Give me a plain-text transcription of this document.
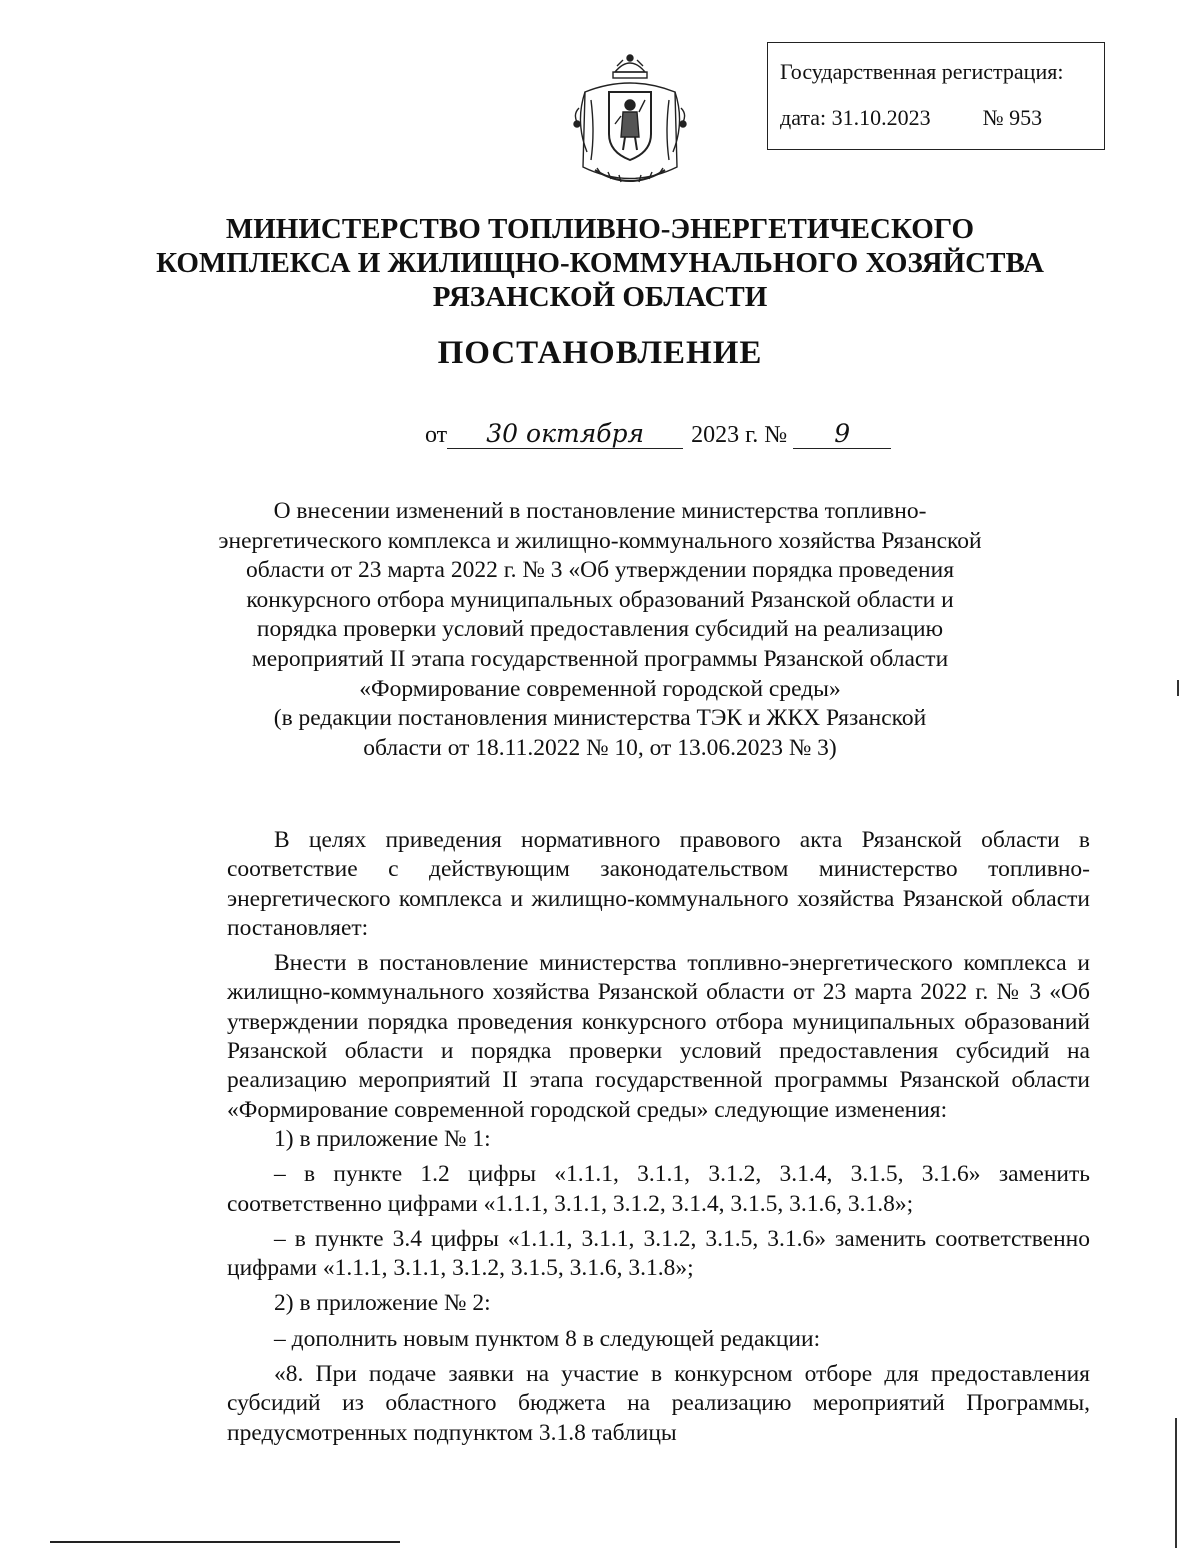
Государственная регистрация:
дата: 31.10.2023 № 953
МИНИСТЕРСТВО ТОПЛИВНО-ЭНЕРГЕТИЧЕСКОГО
КОМПЛЕКСА И ЖИЛИЩНО-КОММУНАЛЬНОГО ХОЗЯЙСТВА
РЯЗАНСКОЙ ОБЛАСТИ
ПОСТАНОВЛЕНИЕ
от	30 октября	2023 г. №	9
О внесении изменений в постановление министерства топливно-
энергетического комплекса и жилищно-коммунального хозяйства Рязанской
области от 23 марта 2022 г. № 3 «Об утверждении порядка проведения
конкурсного отбора муниципальных образований Рязанской области и
порядка проверки условий предоставления субсидий на реализацию
мероприятий II этапа государственной программы Рязанской области
«Формирование современной городской среды»
(в редакции постановления министерства ТЭК и ЖКХ Рязанской
области от 18.11.2022 № 10, от 13.06.2023 № 3)

В целях приведения нормативного правового акта Рязанской области в соответствие с действующим законодательством министерство топливно-энергетического комплекса и жилищно-коммунального хозяйства Рязанской области постановляет:

Внести в постановление министерства топливно-энергетического комплекса и жилищно-коммунального хозяйства Рязанской области от 23 марта 2022 г. № 3 «Об утверждении порядка проведения конкурсного отбора муниципальных образований Рязанской области и порядка проверки условий предоставления субсидий на реализацию мероприятий II этапа государственной программы Рязанской области «Формирование современной городской среды» следующие изменения:

1) в приложение № 1:

– в пункте 1.2 цифры «1.1.1, 3.1.1, 3.1.2, 3.1.4, 3.1.5, 3.1.6» заменить соответственно цифрами «1.1.1, 3.1.1, 3.1.2, 3.1.4, 3.1.5, 3.1.6, 3.1.8»;

– в пункте 3.4 цифры «1.1.1, 3.1.1, 3.1.2, 3.1.5, 3.1.6» заменить соответственно цифрами «1.1.1, 3.1.1, 3.1.2, 3.1.5, 3.1.6, 3.1.8»;

2) в приложение № 2:

– дополнить новым пунктом 8 в следующей редакции:

«8. При подаче заявки на участие в конкурсном отборе для предоставления субсидий из областного бюджета на реализацию мероприятий Программы, предусмотренных подпунктом 3.1.8 таблицы
